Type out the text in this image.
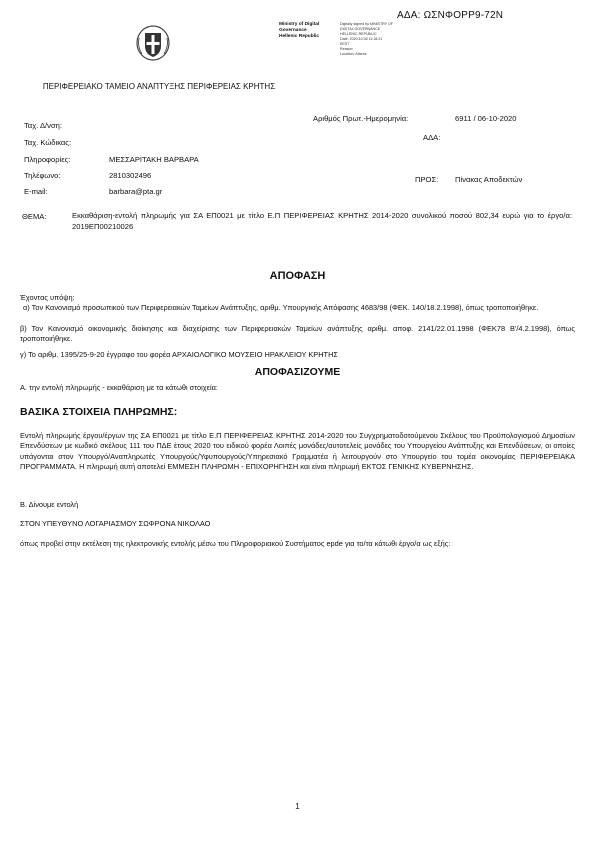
ΑΔΑ: ΩΣΝΦΟΡΡ9-72Ν
Ministry of Digital
Governance
Hellenic Republic
Digitally signed by MINISTRY OF
DIGITAL GOVERNANCE
HELLENIC REPUBLIC
Date: 2020.10.06 11:18:21
EEST
Reason:
Location: Athens
ΠΕΡΙΦΕΡΕΙΑΚΟ ΤΑΜΕΙΟ ΑΝΑΠΤΥΞΗΣ ΠΕΡΙΦΕΡΕΙΑΣ ΚΡΗΤΗΣ
Αριθμός Πρωτ.-Ημερομηνία:	6911 / 06-10-2020
ΑΔΑ:
Ταχ. Δ/νση:
Ταχ. Κώδικας:
Πληροφορίες:	ΜΕΣΣΑΡΙΤΑΚΗ ΒΑΡΒΑΡΑ
Τηλέφωνο:	2810302496
E-mail:	barbara@pta.gr
ΠΡΟΣ: Πίνακας Αποδεκτών
ΘΕΜΑ:	Εκκαθάριση-εντολή πληρωμής για ΣΑ ΕΠ0021 με τίτλο Ε.Π ΠΕΡΙΦΕΡΕΙΑΣ ΚΡΗΤΗΣ 2014-2020 συνολικού ποσού 802,34 ευρώ για το έργο/α: 2019ΕΠ00210026
ΑΠΟΦΑΣΗ
Έχοντας υπόψη:
α) Τον Κανονισμό προσωπικού των Περιφερειακών Ταμείων Ανάπτυξης, αριθμ. Υπουργικής Απόφασης 4683/98 (ΦΕΚ. 140/18.2.1998), όπως τροποποιήθηκε.
β) Τον Κανονισμό οικονομικής διοίκησης και διαχείρισης των Περιφερειακών Ταμείων ανάπτυξης αριθμ. αποφ. 2141/22.01.1998 (ΦΕΚ78 Β'/4.2.1998), όπως τροποποιήθηκε.
γ) Το αριθμ. 1395/25-9-20 έγγραφο του φορέα ΑΡΧΑΙΟΛΟΓΙΚΟ ΜΟΥΣΕΙΟ ΗΡΑΚΛΕΙΟΥ ΚΡΗΤΗΣ
ΑΠΟΦΑΣΙΖΟΥΜΕ
Α. την εντολή πληρωμής - εκκαθάριση με τα κάτωθι στοιχεία:
ΒΑΣΙΚΑ ΣΤΟΙΧΕΙΑ ΠΛΗΡΩΜΗΣ:
Εντολή πληρωμής έργου/έργων της ΣΑ ΕΠ0021 με τίτλο Ε.Π ΠΕΡΙΦΕΡΕΙΑΣ ΚΡΗΤΗΣ 2014-2020 του Συγχρηματοδοτούμενου Σκέλους του Προϋπολογισμού Δημοσίων Επενδύσεων με κωδικό σκέλους 111 του ΠΔΕ έτους 2020 του ειδικού φορέα Λοιπές μονάδες/αυτοτελείς μονάδες του Υπουργείου Ανάπτυξης και Επενδύσεων, οι οποίες υπάγονται στον Υπουργό/Αναπληρωτές Υπουργούς/Υφυπουργούς/Υπηρεσιακό Γραμματέα ή λειτουργούν στο Υπουργείο του τομέα οικονομίας ΠΕΡΙΦΕΡΕΙΑΚΑ ΠΡΟΓΡΑΜΜΑΤΑ. Η πληρωμή αυτή αποτελεί ΕΜΜΕΣΗ ΠΛΗΡΩΜΗ - ΕΠΙΧΟΡΗΓΗΣΗ και είναι πληρωμή ΕΚΤΟΣ ΓΕΝΙΚΗΣ ΚΥΒΕΡΝΗΣΗΣ.
Β. Δίνουμε εντολή
ΣΤΟΝ ΥΠΕΥΘΥΝΟ ΛΟΓΑΡΙΑΣΜΟΥ ΣΩΦΡΟΝΑ ΝΙΚΟΛΑΟ
όπως προβεί στην εκτέλεση της ηλεκτρονικής εντολής μέσω του Πληροφοριακού Συστήματος epde για το/τα κάτωθι έργο/α ως εξής:
1
